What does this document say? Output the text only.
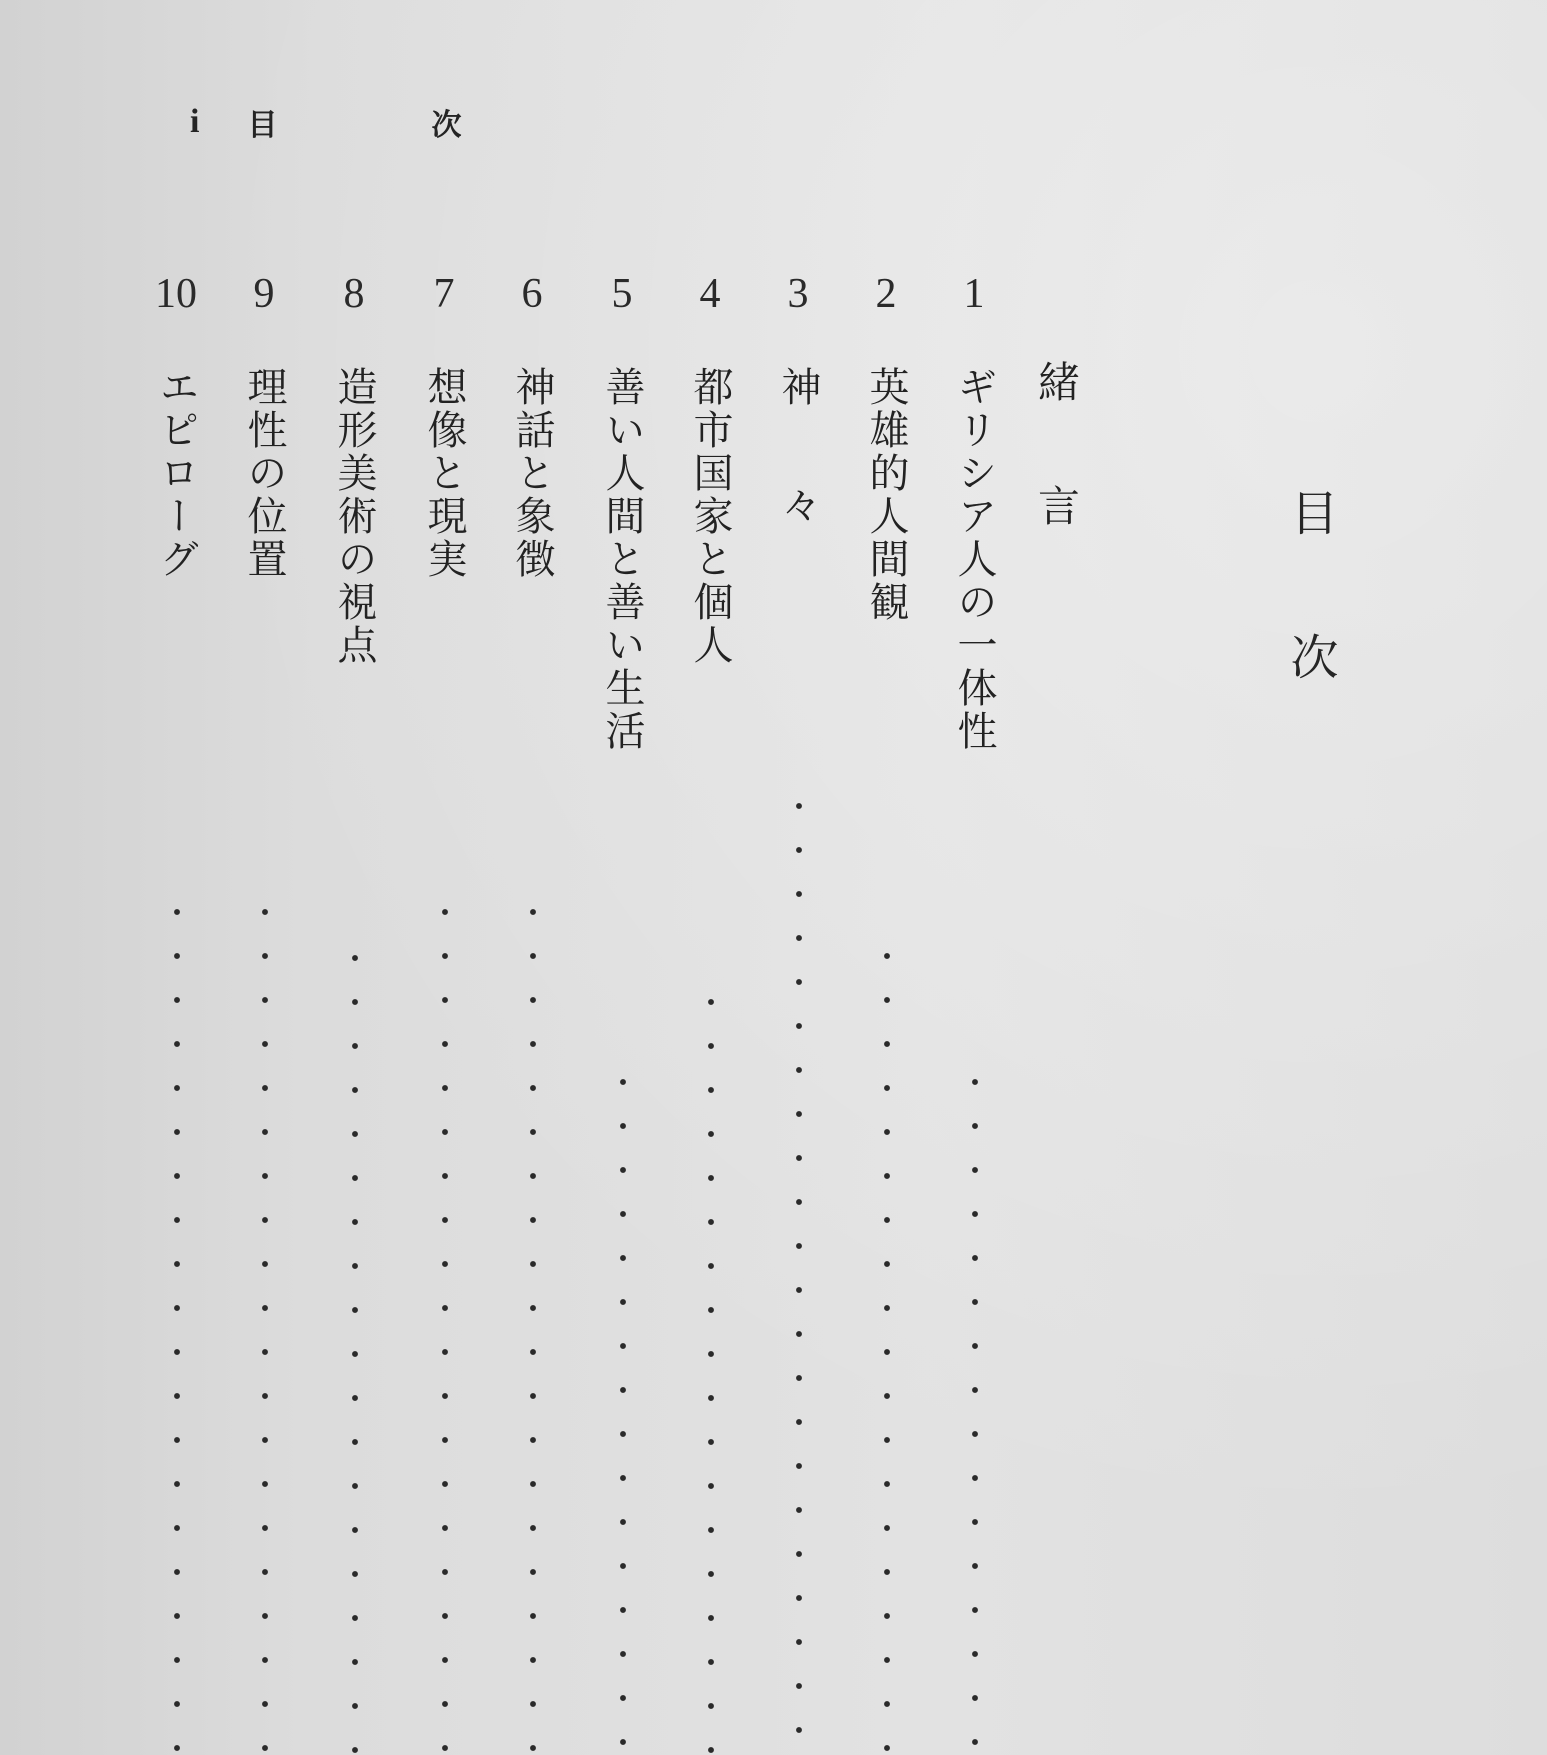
i 目　次
目次
緒言
1
ギリシア人の一体性
2
英雄的人間観
3
神々
4
都市国家と個人
5
善い人間と善い生活
6
神話と象徴
7
想像と現実
8
造形美術の視点
9
理性の位置
10
エピローグ
